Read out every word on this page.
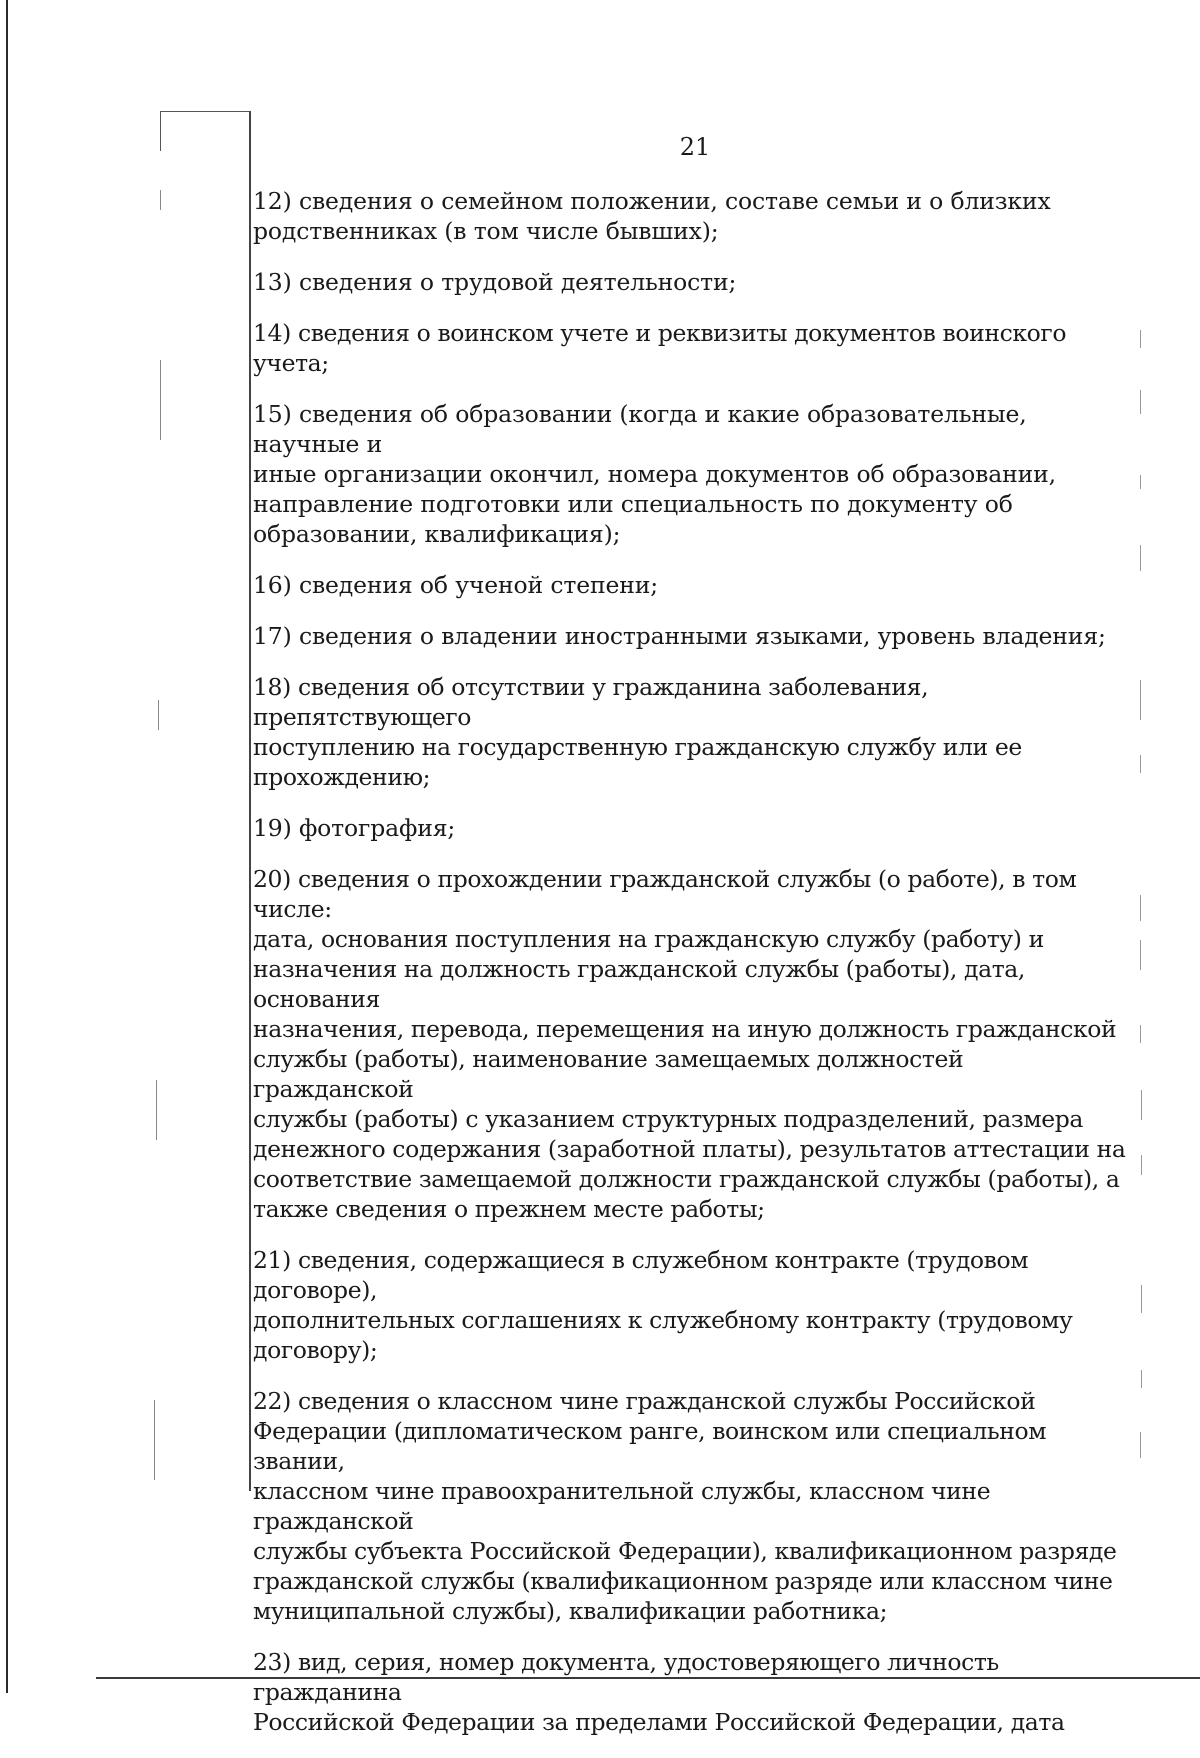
21

12) сведения о семейном положении, составе семьи и о близких
родственниках (в том числе бывших);

13) сведения о трудовой деятельности;

14) сведения о воинском учете и реквизиты документов воинского учета;

15) сведения об образовании (когда и какие образовательные, научные и
иные организации окончил, номера документов об образовании,
направление подготовки или специальность по документу об
образовании, квалификация);

16) сведения об ученой степени;

17) сведения о владении иностранными языками, уровень владения;

18) сведения об отсутствии у гражданина заболевания, препятствующего
поступлению на государственную гражданскую службу или ее
прохождению;

19) фотография;

20) сведения о прохождении гражданской службы (о работе), в том числе:
дата, основания поступления на гражданскую службу (работу) и
назначения на должность гражданской службы (работы), дата, основания
назначения, перевода, перемещения на иную должность гражданской
службы (работы), наименование замещаемых должностей гражданской
службы (работы) с указанием структурных подразделений, размера
денежного содержания (заработной платы), результатов аттестации на
соответствие замещаемой должности гражданской службы (работы), а
также сведения о прежнем месте работы;

21) сведения, содержащиеся в служебном контракте (трудовом договоре),
дополнительных соглашениях к служебному контракту (трудовому
договору);

22) сведения о классном чине гражданской службы Российской
Федерации (дипломатическом ранге, воинском или специальном звании,
классном чине правоохранительной службы, классном чине гражданской
службы субъекта Российской Федерации), квалификационном разряде
гражданской службы (квалификационном разряде или классном чине
муниципальной службы), квалификации работника;

23) вид, серия, номер документа, удостоверяющего личность гражданина
Российской Федерации за пределами Российской Федерации, дата
